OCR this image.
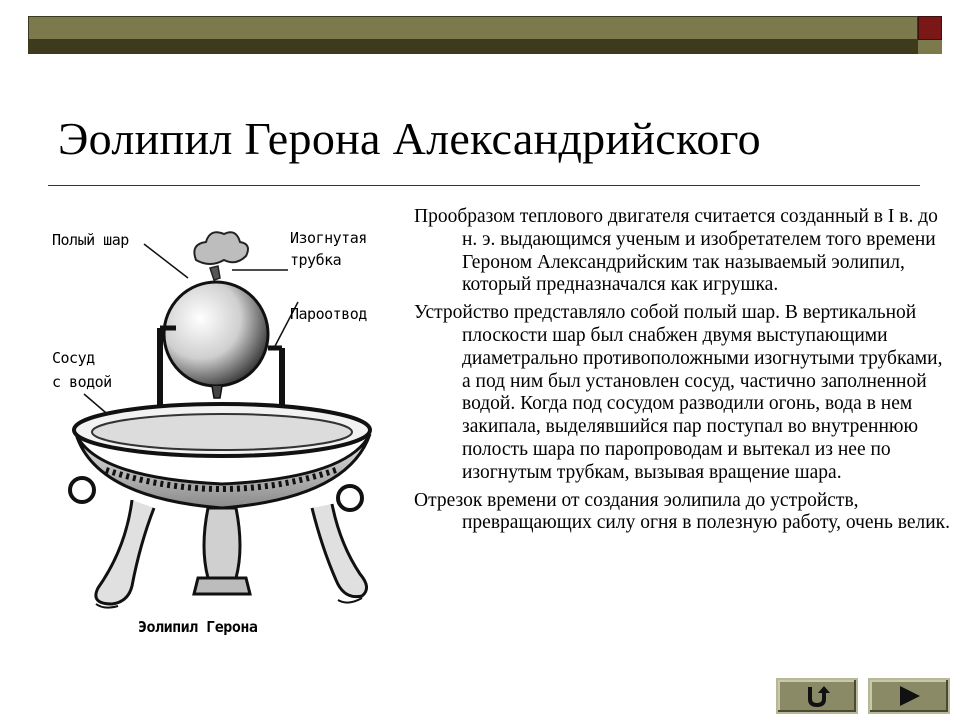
Эолипил Герона Александрийского
Полый шар	Изогнутая
трубка
Пароотвод
Сосуд
с водой
Эолипил Герона

Прообразом теплового двигателя считается созданный в I в. до н. э. выдающимся ученым и изобретателем того времени Героном Александрийским так называемый эолипил, который предназначался как игрушка.

Устройство представляло собой полый шар. В вертикальной плоскости шар был снабжен двумя выступающими диаметрально противоположными изогнутыми трубками, а под ним был установлен сосуд, частично заполненной водой. Когда под сосудом разводили огонь, вода в нем закипала, выделявшийся пар поступал во внутреннюю полость шара по паропроводам и вытекал из нее по изогнутым трубкам, вызывая вращение шара.

Отрезок времени от создания эолипила до устройств, превращающих силу огня в полезную работу, очень велик.
